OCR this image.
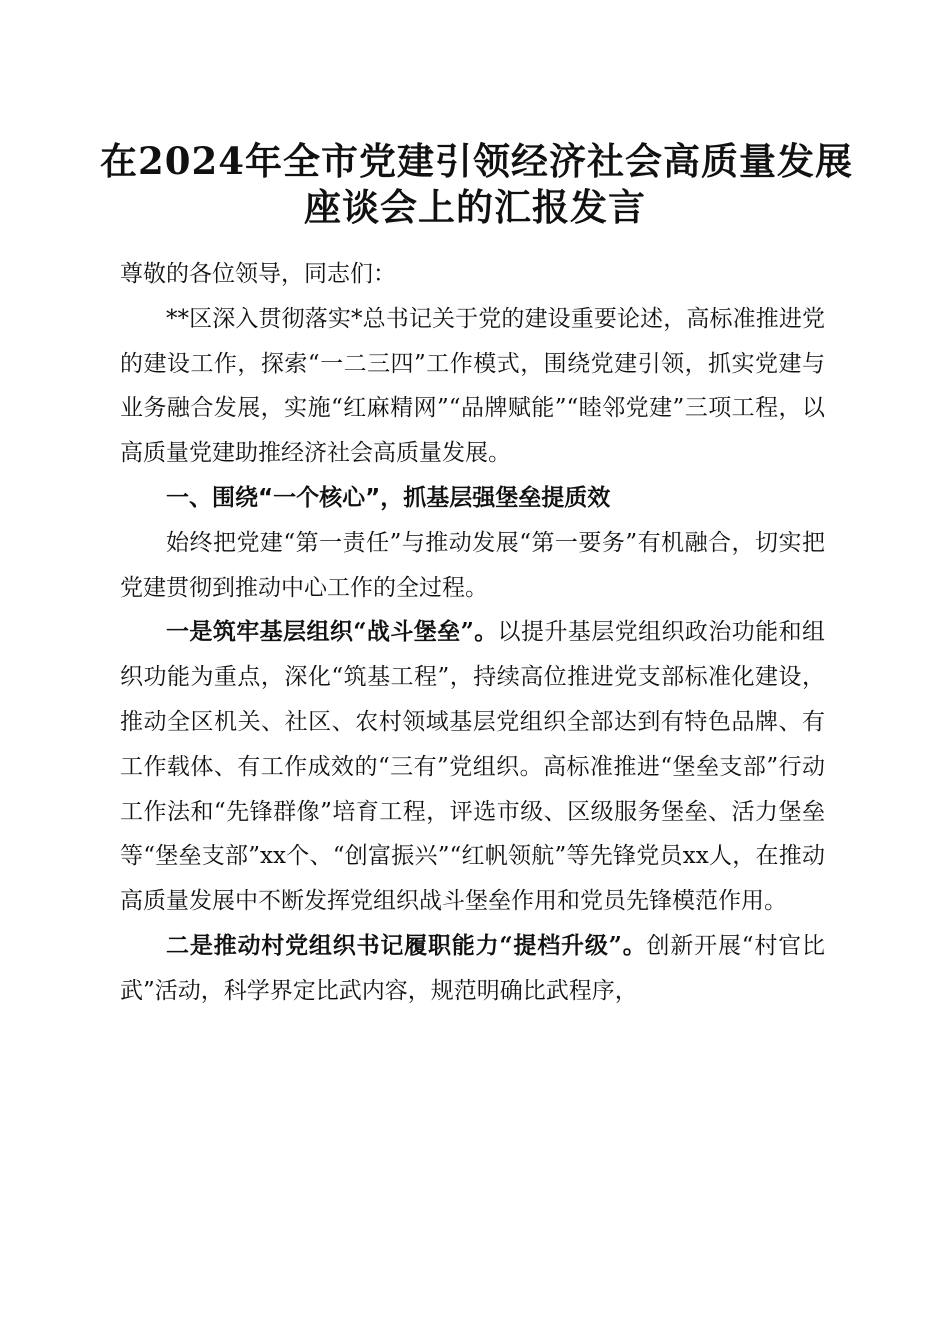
在2024年全市党建引领经济社会高质量发展
座谈会上的汇报发言

尊敬的各位领导，同志们：

**区深入贯彻落实*总书记关于党的建设重要论述，高标准推进党的建设工作，探索“一二三四”工作模式，围绕党建引领，抓实党建与业务融合发展，实施“红麻精网”“品牌赋能”“睦邻党建”三项工程，以高质量党建助推经济社会高质量发展。

一、围绕“一个核心”，抓基层强堡垒提质效

始终把党建“第一责任”与推动发展“第一要务”有机融合，切实把党建贯彻到推动中心工作的全过程。

一是筑牢基层组织“战斗堡垒”。以提升基层党组织政治功能和组织功能为重点，深化“筑基工程”，持续高位推进党支部标准化建设，推动全区机关、社区、农村领域基层党组织全部达到有特色品牌、有工作载体、有工作成效的“三有”党组织。高标准推进“堡垒支部”行动工作法和“先锋群像”培育工程，评选市级、区级服务堡垒、活力堡垒等“堡垒支部”xx个、“创富振兴”“红帆领航”等先锋党员xx人，在推动高质量发展中不断发挥党组织战斗堡垒作用和党员先锋模范作用。

二是推动村党组织书记履职能力“提档升级”。创新开展“村官比武”活动，科学界定比武内容，规范明确比武程序，
